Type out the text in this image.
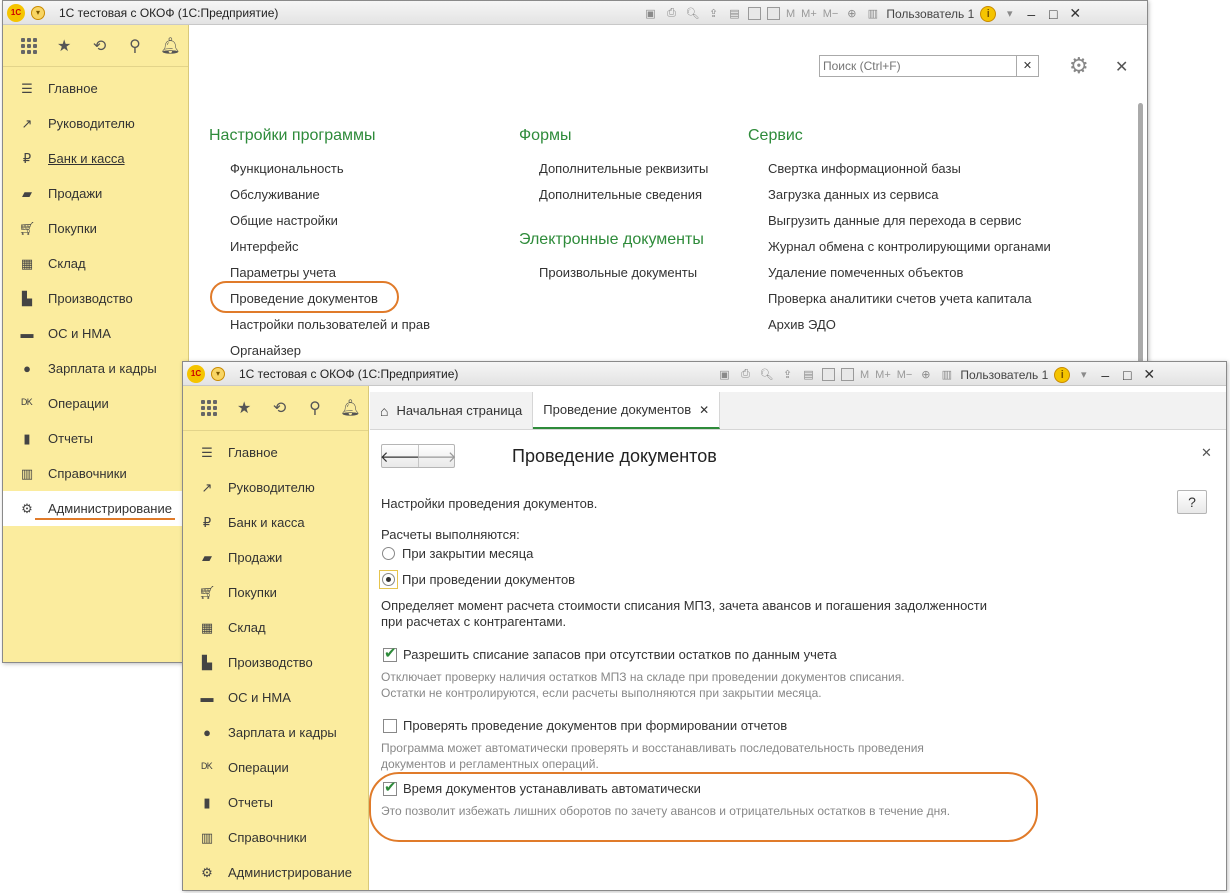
1С	▾	1С тестовая с ОКОФ (1С:Предприятие)	▣ ⎙ 🔍︎ ⇪ ▤	M M+ M− ⊕ ▥ Пользователь 1	i	▾	– □ ✕
★	⟲	⚲	🔔︎
☰ Главное
↗ Руководителю
₽ Банк и касса
▰ Продажи
🛒︎ Покупки
▦ Склад
▙ Производство
▬ ОС и НМА
●	Зарплата и кадры
ᴰᴷ Операции
▮	Отчеты
▥ Справочники
⚙ Администрирование
Поиск (Ctrl+F)
✕ ⚙ ✕
Настройки программы
Функциональность
Обслуживание
Общие настройки
Интерфейс
Параметры учета
Проведение документов
Настройки пользователей и прав
Органайзер
Формы
Дополнительные реквизиты
Дополнительные сведения
Электронные документы
Произвольные документы
Сервис
Свертка информационной базы
Загрузка данных из сервиса
Выгрузить данные для перехода в сервис
Журнал обмена с контролирующими органами
Удаление помеченных объектов
Проверка аналитики счетов учета капитала
Архив ЭДО
1С	▾	1С тестовая с ОКОФ (1С:Предприятие)	▣ ⎙ 🔍︎ ⇪ ▤	M M+ M− ⊕ ▥ Пользователь 1	i	▾	– □ ✕
★	⟲	⚲	🔔︎
☰ Главное
↗ Руководителю
₽ Банк и касса
▰ Продажи
🛒︎ Покупки
▦ Склад
▙ Производство
▬ ОС и НМА
●	Зарплата и кадры
ᴰᴷ Операции
▮	Отчеты
▥ Справочники
⚙ Администрирование
⌂ Начальная страница Проведение документов ✕
🡐
🡒	Проведение документов	✕
?
Настройки проведения документов.
Расчеты выполняются:
При закрытии месяца
При проведении документов
Определяет момент расчета стоимости списания МПЗ, зачета авансов и погашения задолженности
при расчетах с контрагентами.
✔
Разрешить списание запасов при отсутствии остатков по данным учета
Отключает проверку наличия остатков МПЗ на складе при проведении документов списания.
Остатки не контролируются, если расчеты выполняются при закрытии месяца.
Проверять проведение документов при формировании отчетов
Программа может автоматически проверять и восстанавливать последовательность проведения
документов и регламентных операций.
✔
Время документов устанавливать автоматически
Это позволит избежать лишних оборотов по зачету авансов и отрицательных остатков в течение дня.
